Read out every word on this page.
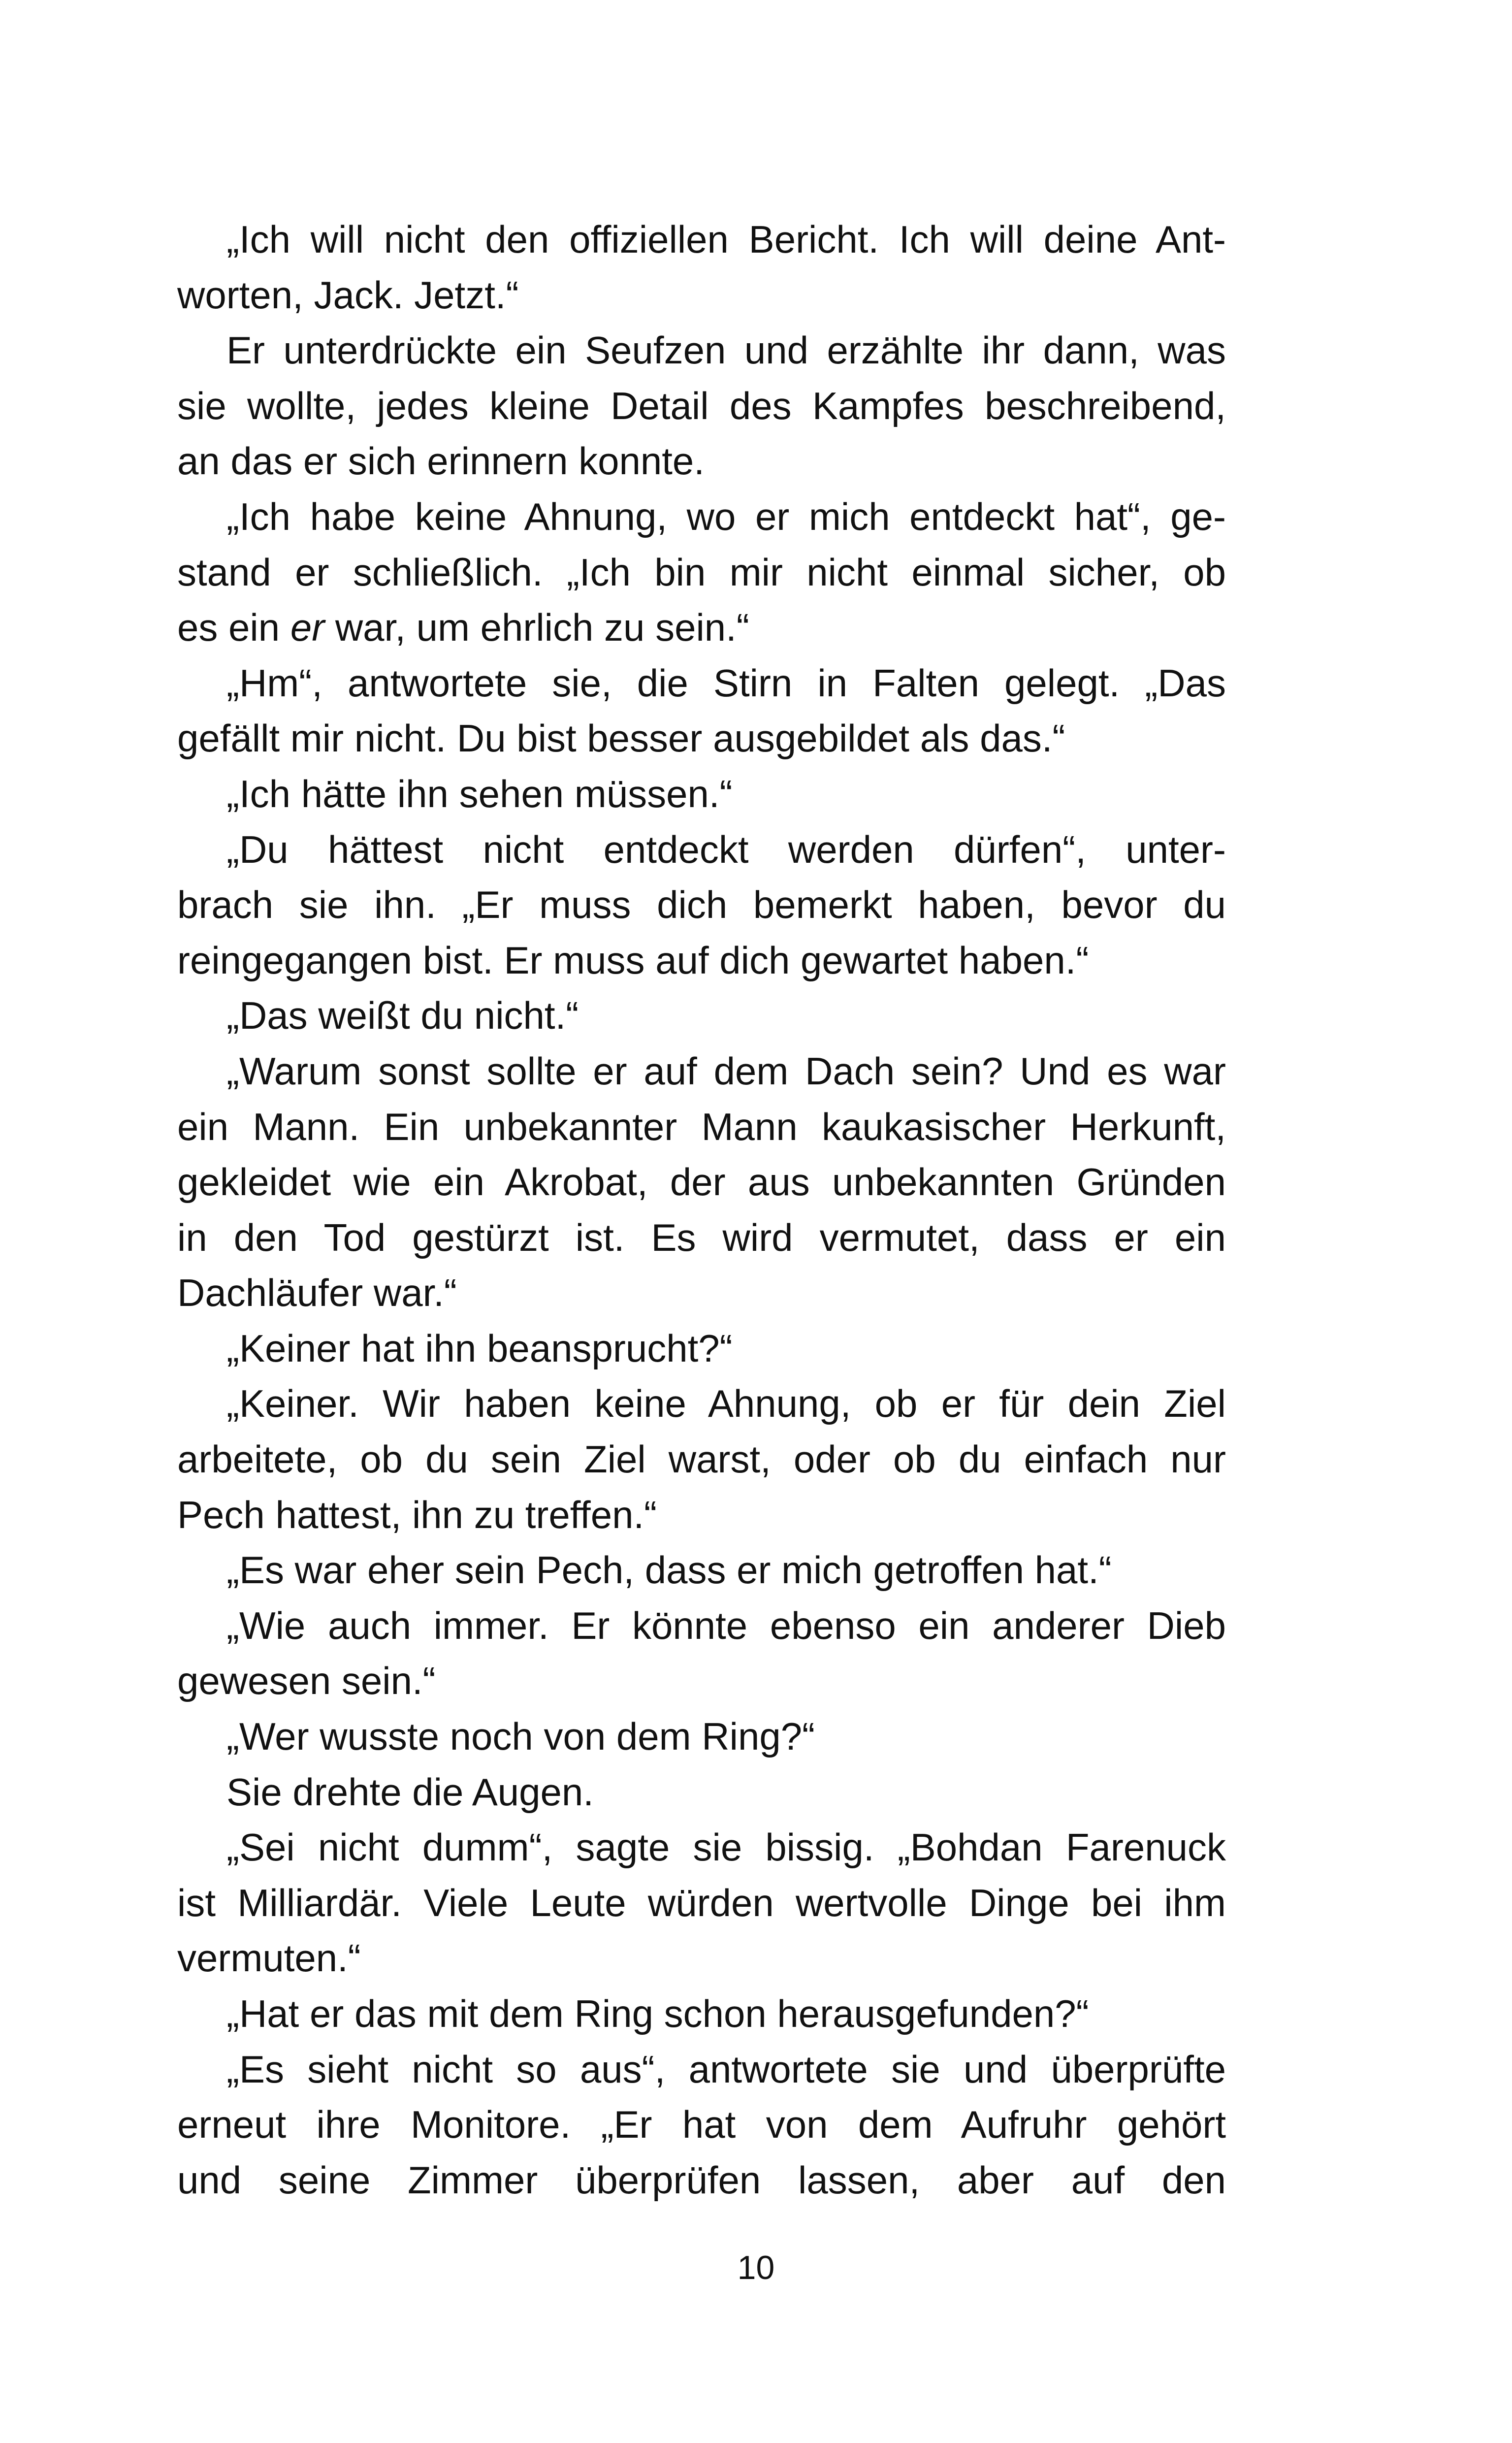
„Ich will nicht den offiziellen Bericht. Ich will deine Ant-
worten, Jack. Jetzt.“

Er unterdrückte ein Seufzen und erzählte ihr dann, was
sie wollte, jedes kleine Detail des Kampfes beschreibend,
an das er sich erinnern konnte.

„Ich habe keine Ahnung, wo er mich entdeckt hat“, ge-
stand er schließlich. „Ich bin mir nicht einmal sicher, ob
es ein er war, um ehrlich zu sein.“

„Hm“, antwortete sie, die Stirn in Falten gelegt. „Das
gefällt mir nicht. Du bist besser ausgebildet als das.“

„Ich hätte ihn sehen müssen.“

„Du hättest nicht entdeckt werden dürfen“, unter-
brach sie ihn. „Er muss dich bemerkt haben, bevor du
reingegangen bist. Er muss auf dich gewartet haben.“

„Das weißt du nicht.“

„Warum sonst sollte er auf dem Dach sein? Und es war
ein Mann. Ein unbekannter Mann kaukasischer Herkunft,
gekleidet wie ein Akrobat, der aus unbekannten Gründen
in den Tod gestürzt ist. Es wird vermutet, dass er ein
Dachläufer war.“

„Keiner hat ihn beansprucht?“

„Keiner. Wir haben keine Ahnung, ob er für dein Ziel
arbeitete, ob du sein Ziel warst, oder ob du einfach nur
Pech hattest, ihn zu treffen.“

„Es war eher sein Pech, dass er mich getroffen hat.“

„Wie auch immer. Er könnte ebenso ein anderer Dieb
gewesen sein.“

„Wer wusste noch von dem Ring?“

Sie drehte die Augen.

„Sei nicht dumm“, sagte sie bissig. „Bohdan Farenuck
ist Milliardär. Viele Leute würden wertvolle Dinge bei ihm
vermuten.“

„Hat er das mit dem Ring schon herausgefunden?“

„Es sieht nicht so aus“, antwortete sie und überprüfte
erneut ihre Monitore. „Er hat von dem Aufruhr gehört
und seine Zimmer überprüfen lassen, aber auf den

10
